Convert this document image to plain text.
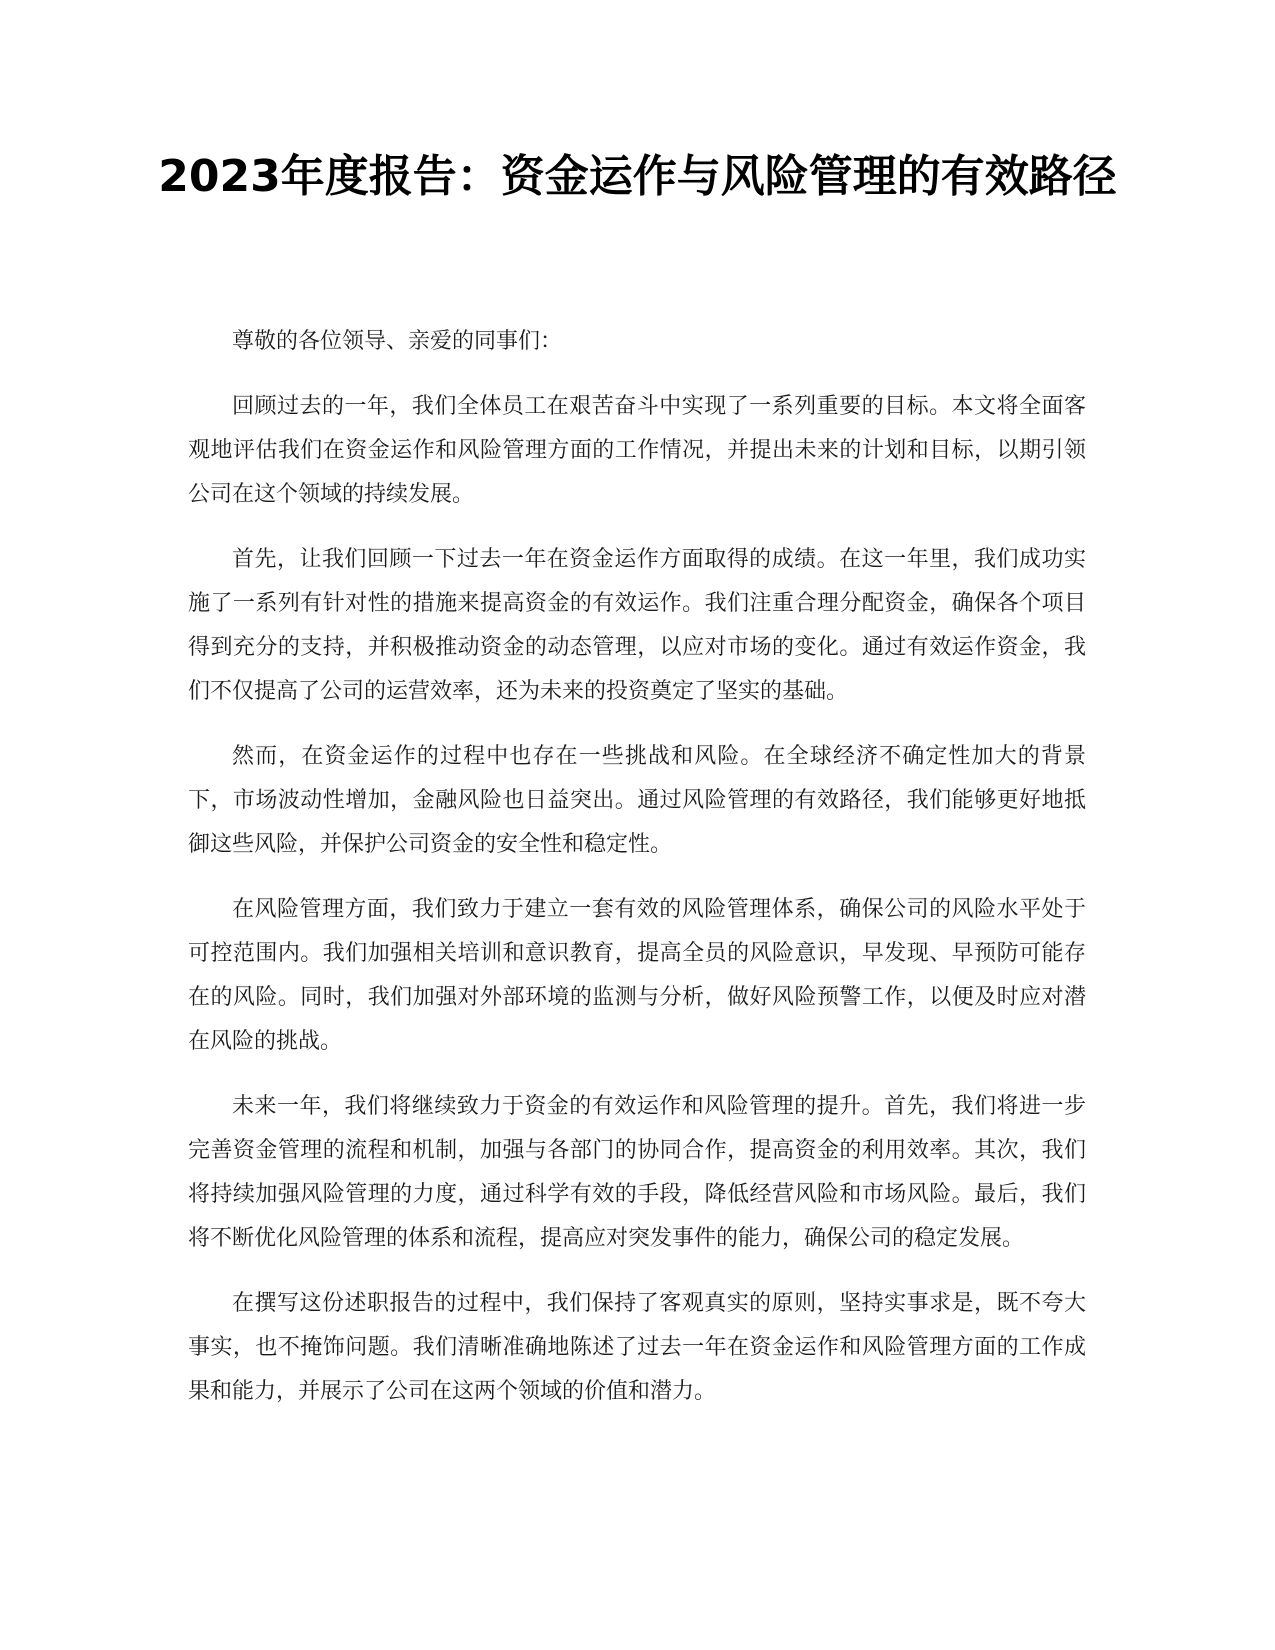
2023年度报告：资金运作与风险管理的有效路径

尊敬的各位领导、亲爱的同事们：

回顾过去的一年，我们全体员工在艰苦奋斗中实现了一系列重要的目标。本文将全面客观地评估我们在资金运作和风险管理方面的工作情况，并提出未来的计划和目标，以期引领公司在这个领域的持续发展。

首先，让我们回顾一下过去一年在资金运作方面取得的成绩。在这一年里，我们成功实施了一系列有针对性的措施来提高资金的有效运作。我们注重合理分配资金，确保各个项目得到充分的支持，并积极推动资金的动态管理，以应对市场的变化。通过有效运作资金，我们不仅提高了公司的运营效率，还为未来的投资奠定了坚实的基础。

然而，在资金运作的过程中也存在一些挑战和风险。在全球经济不确定性加大的背景下，市场波动性增加，金融风险也日益突出。通过风险管理的有效路径，我们能够更好地抵御这些风险，并保护公司资金的安全性和稳定性。

在风险管理方面，我们致力于建立一套有效的风险管理体系，确保公司的风险水平处于可控范围内。我们加强相关培训和意识教育，提高全员的风险意识，早发现、早预防可能存在的风险。同时，我们加强对外部环境的监测与分析，做好风险预警工作，以便及时应对潜在风险的挑战。

未来一年，我们将继续致力于资金的有效运作和风险管理的提升。首先，我们将进一步完善资金管理的流程和机制，加强与各部门的协同合作，提高资金的利用效率。其次，我们将持续加强风险管理的力度，通过科学有效的手段，降低经营风险和市场风险。最后，我们将不断优化风险管理的体系和流程，提高应对突发事件的能力，确保公司的稳定发展。

在撰写这份述职报告的过程中，我们保持了客观真实的原则，坚持实事求是，既不夸大事实，也不掩饰问题。我们清晰准确地陈述了过去一年在资金运作和风险管理方面的工作成果和能力，并展示了公司在这两个领域的价值和潜力。
